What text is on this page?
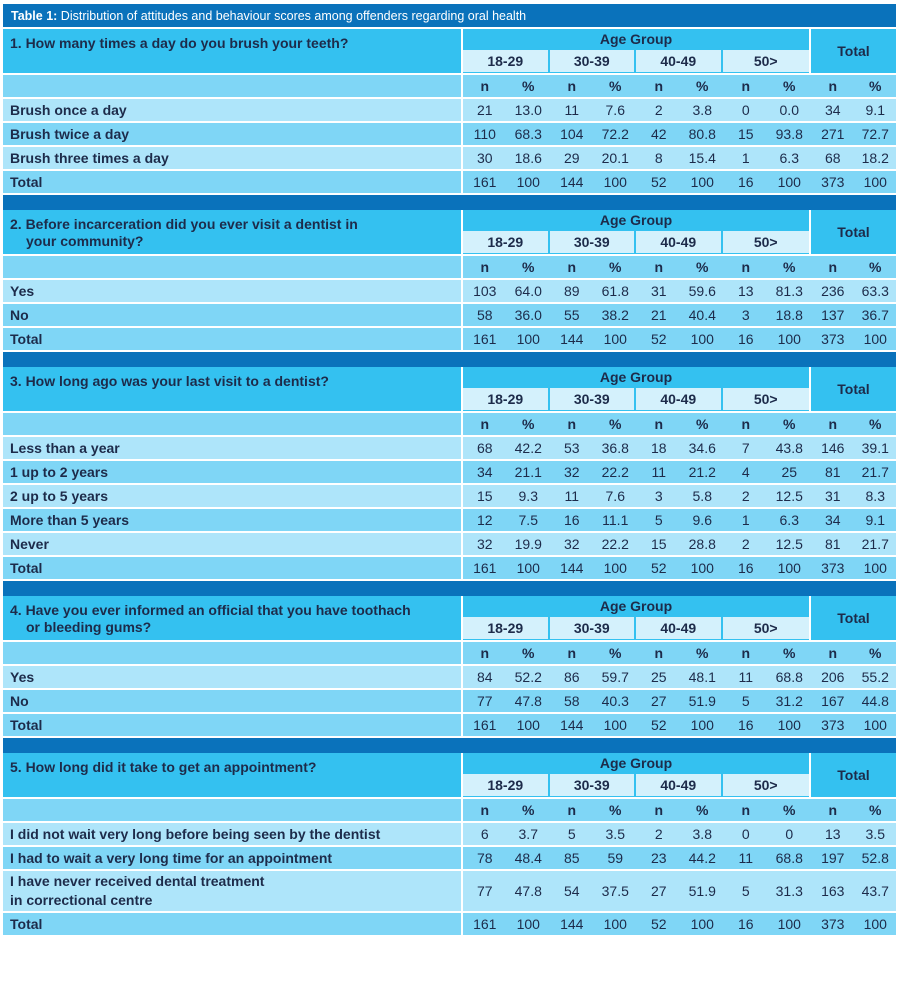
Table 1: Distribution of attitudes and behaviour scores among offenders regarding oral health
1. How many times a day do you brush your teeth?	Age Group
18-29	30-39	40-49	50>
Total
n	%	n	%	n	%	n	%	n	%
Brush once a day	21	13.0	11	7.6	2	3.8	0	0.0	34	9.1
Brush twice a day	110	68.3	104	72.2	42	80.8	15	93.8	271	72.7
Brush three times a day	30	18.6	29	20.1	8	15.4	1	6.3	68	18.2
Total	161	100	144	100	52	100	16	100	373	100
2. Before incarceration did you ever visit a dentist in
your community?
Age Group
18-29	30-39	40-49	50>
Total
n	%	n	%	n	%	n	%	n	%
Yes	103	64.0	89	61.8	31	59.6	13	81.3	236	63.3
No	58	36.0	55	38.2	21	40.4	3	18.8	137	36.7
Total	161	100	144	100	52	100	16	100	373	100
3. How long ago was your last visit to a dentist?	Age Group
18-29	30-39	40-49	50>
Total
n	%	n	%	n	%	n	%	n	%
Less than a year	68	42.2	53	36.8	18	34.6	7	43.8	146	39.1
1 up to 2 years	34	21.1	32	22.2	11	21.2	4	25	81	21.7
2 up to 5 years	15	9.3	11	7.6	3	5.8	2	12.5	31	8.3
More than 5 years	12	7.5	16	11.1	5	9.6	1	6.3	34	9.1
Never	32	19.9	32	22.2	15	28.8	2	12.5	81	21.7
Total	161	100	144	100	52	100	16	100	373	100
4. Have you ever informed an official that you have toothach
or bleeding gums?
Age Group
18-29	30-39	40-49	50>
Total
n	%	n	%	n	%	n	%	n	%
Yes	84	52.2	86	59.7	25	48.1	11	68.8	206	55.2
No	77	47.8	58	40.3	27	51.9	5	31.2	167	44.8
Total	161	100	144	100	52	100	16	100	373	100
5. How long did it take to get an appointment?	Age Group
18-29	30-39	40-49	50>
Total
n	%	n	%	n	%	n	%	n	%
I did not wait very long before being seen by the dentist	6	3.7	5	3.5	2	3.8	0	0	13	3.5
I had to wait a very long time for an appointment	78	48.4	85	59	23	44.2	11	68.8	197	52.8
I have never received dental treatment
in correctional centre
77	47.8	54	37.5	27	51.9	5	31.3	163	43.7
Total	161	100	144	100	52	100	16	100	373	100
